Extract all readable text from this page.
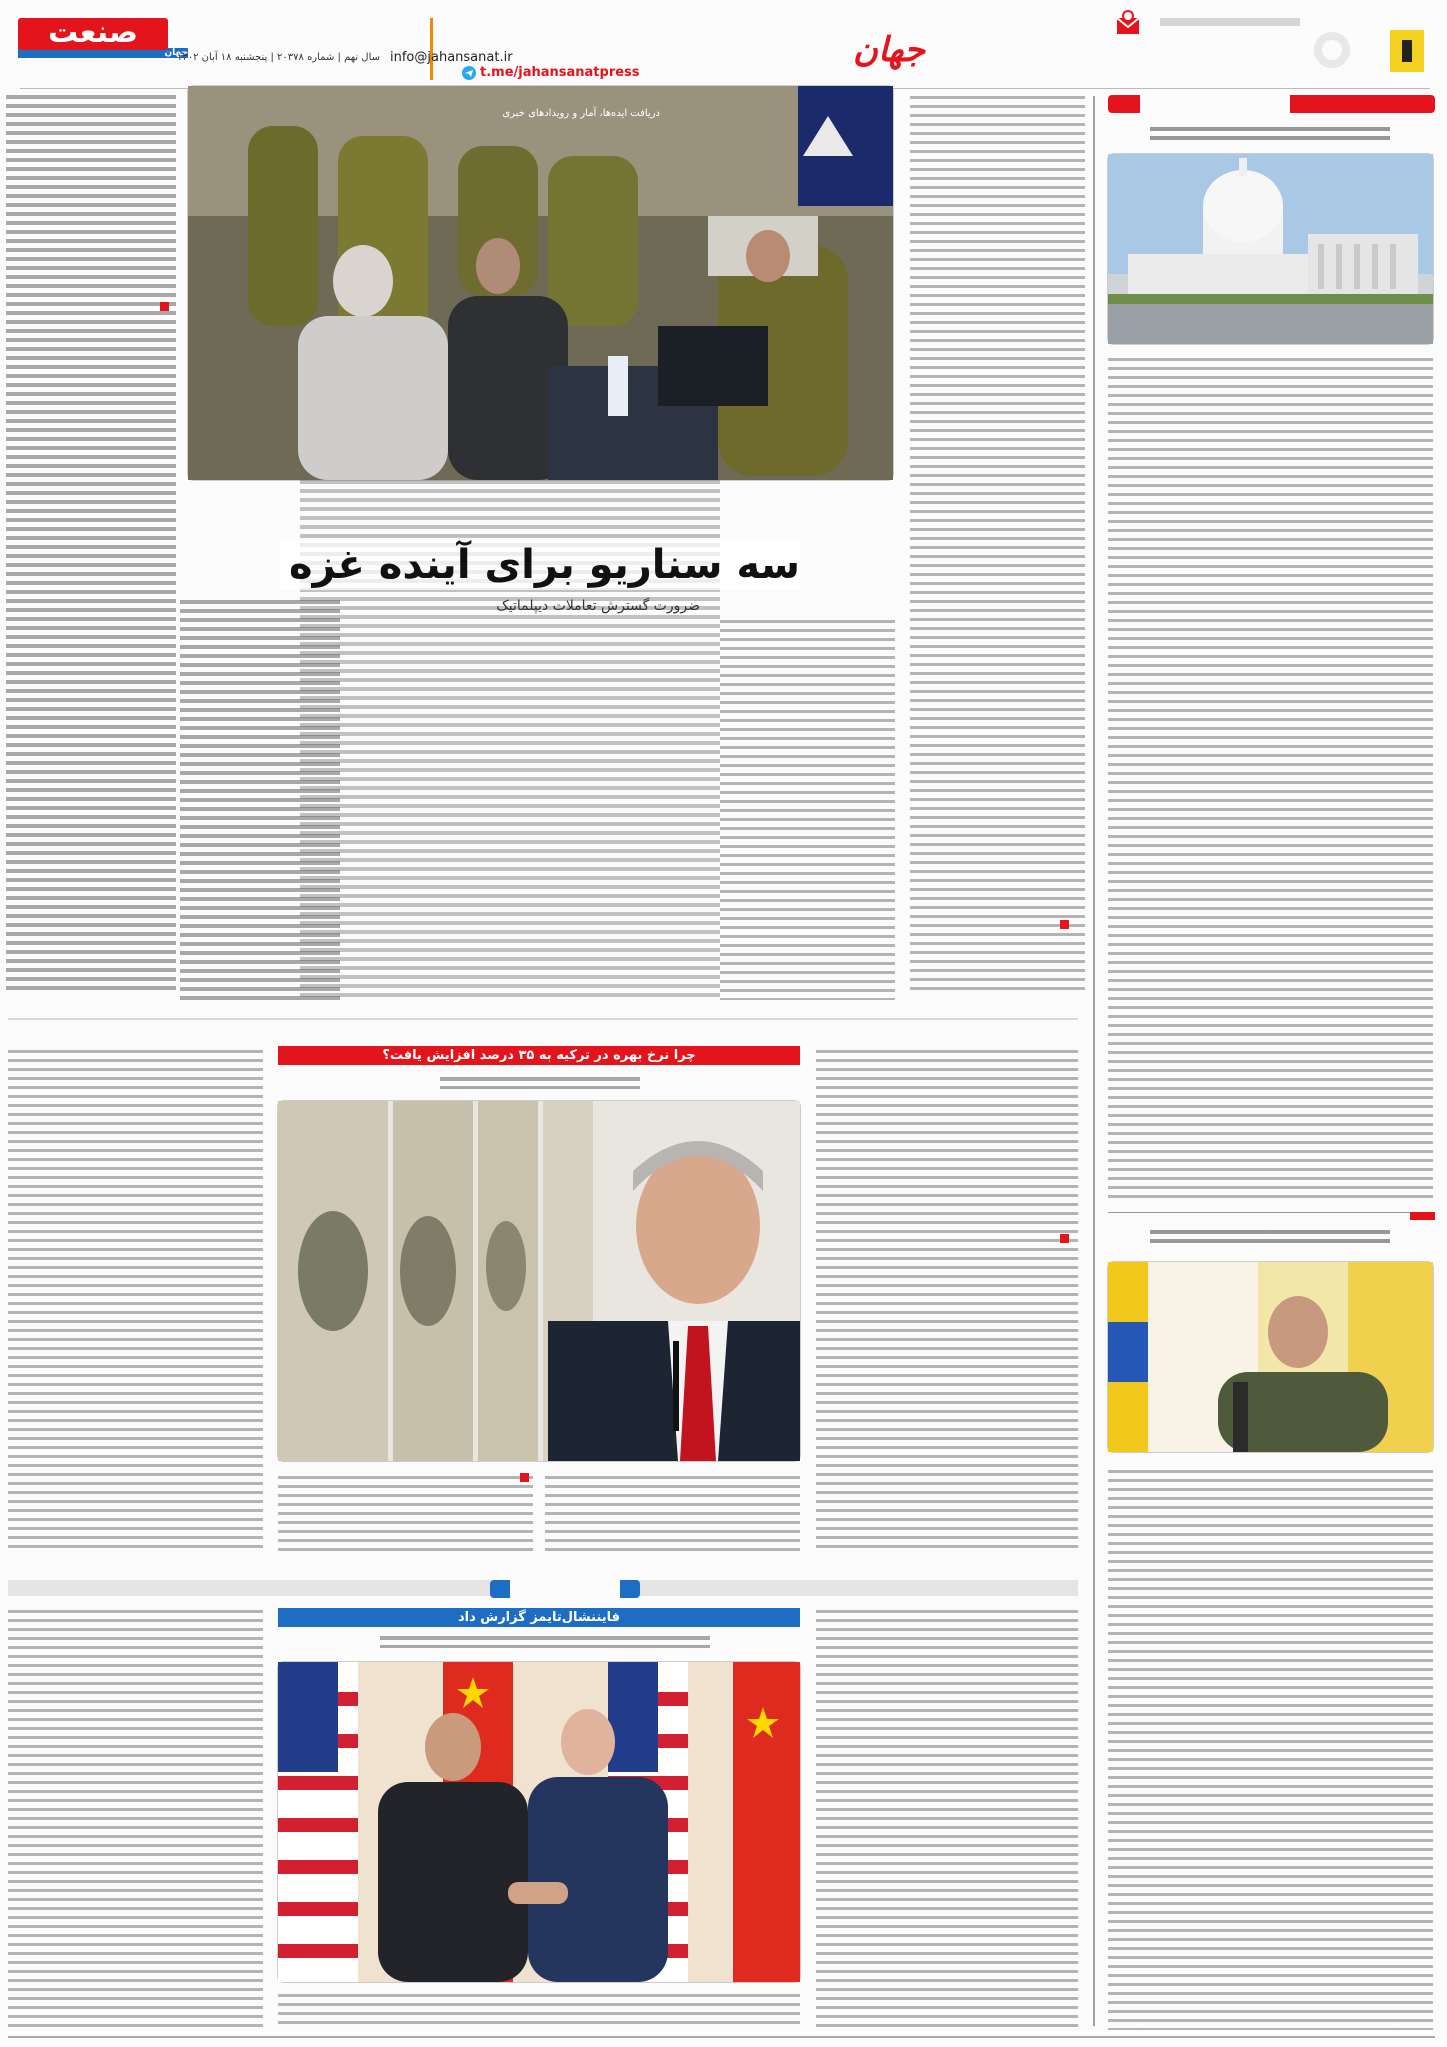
صنعت
جهان
سال نهم | شماره ۲۰۳۷۸ | پنجشنبه ۱۸ آبان ۱۴۰۲ info@jahansanat.ir
t.me/jahansanatpress
جهان
دریافت ایده‌ها، آمار و رویدادهای خبری
سه سناریو برای آینده غزه
ضرورت گسترش تعاملات دیپلماتیک
چرا نرخ بهره در ترکیه به ۳۵ درصد افزایش یافت؟
فایننشال‌تایمز گزارش داد
